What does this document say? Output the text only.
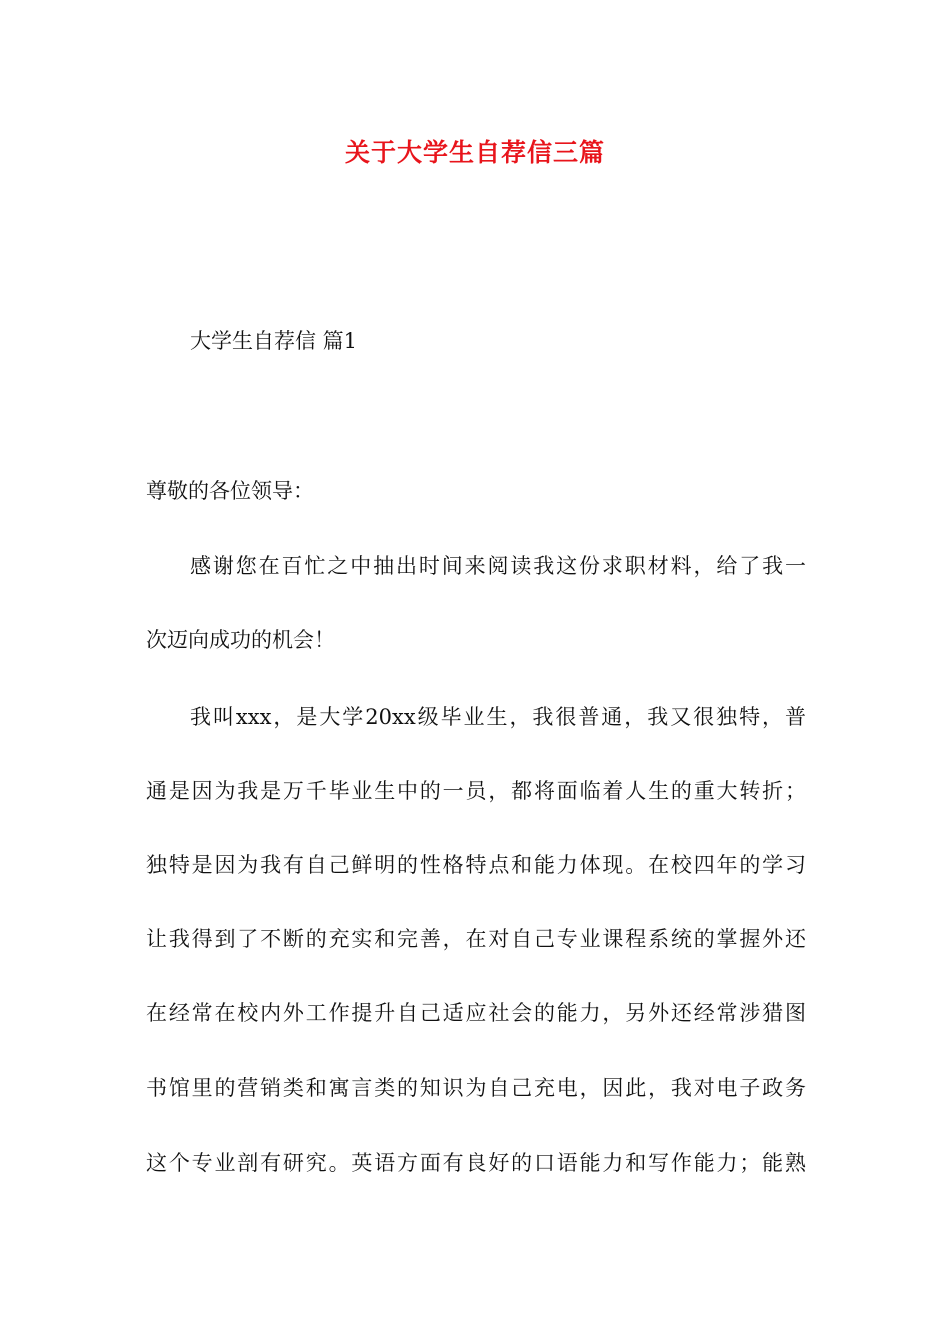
关于大学生自荐信三篇
大学生自荐信 篇1
尊敬的各位领导：
感谢您在百忙之中抽出时间来阅读我这份求职材料，给了我一
次迈向成功的机会！
我叫xxx，是大学20xx级毕业生，我很普通，我又很独特，普
通是因为我是万千毕业生中的一员，都将面临着人生的重大转折；
独特是因为我有自己鲜明的性格特点和能力体现。在校四年的学习
让我得到了不断的充实和完善，在对自己专业课程系统的掌握外还
在经常在校内外工作提升自己适应社会的能力，另外还经常涉猎图
书馆里的营销类和寓言类的知识为自己充电，因此，我对电子政务
这个专业剖有研究。英语方面有良好的口语能力和写作能力；能熟
